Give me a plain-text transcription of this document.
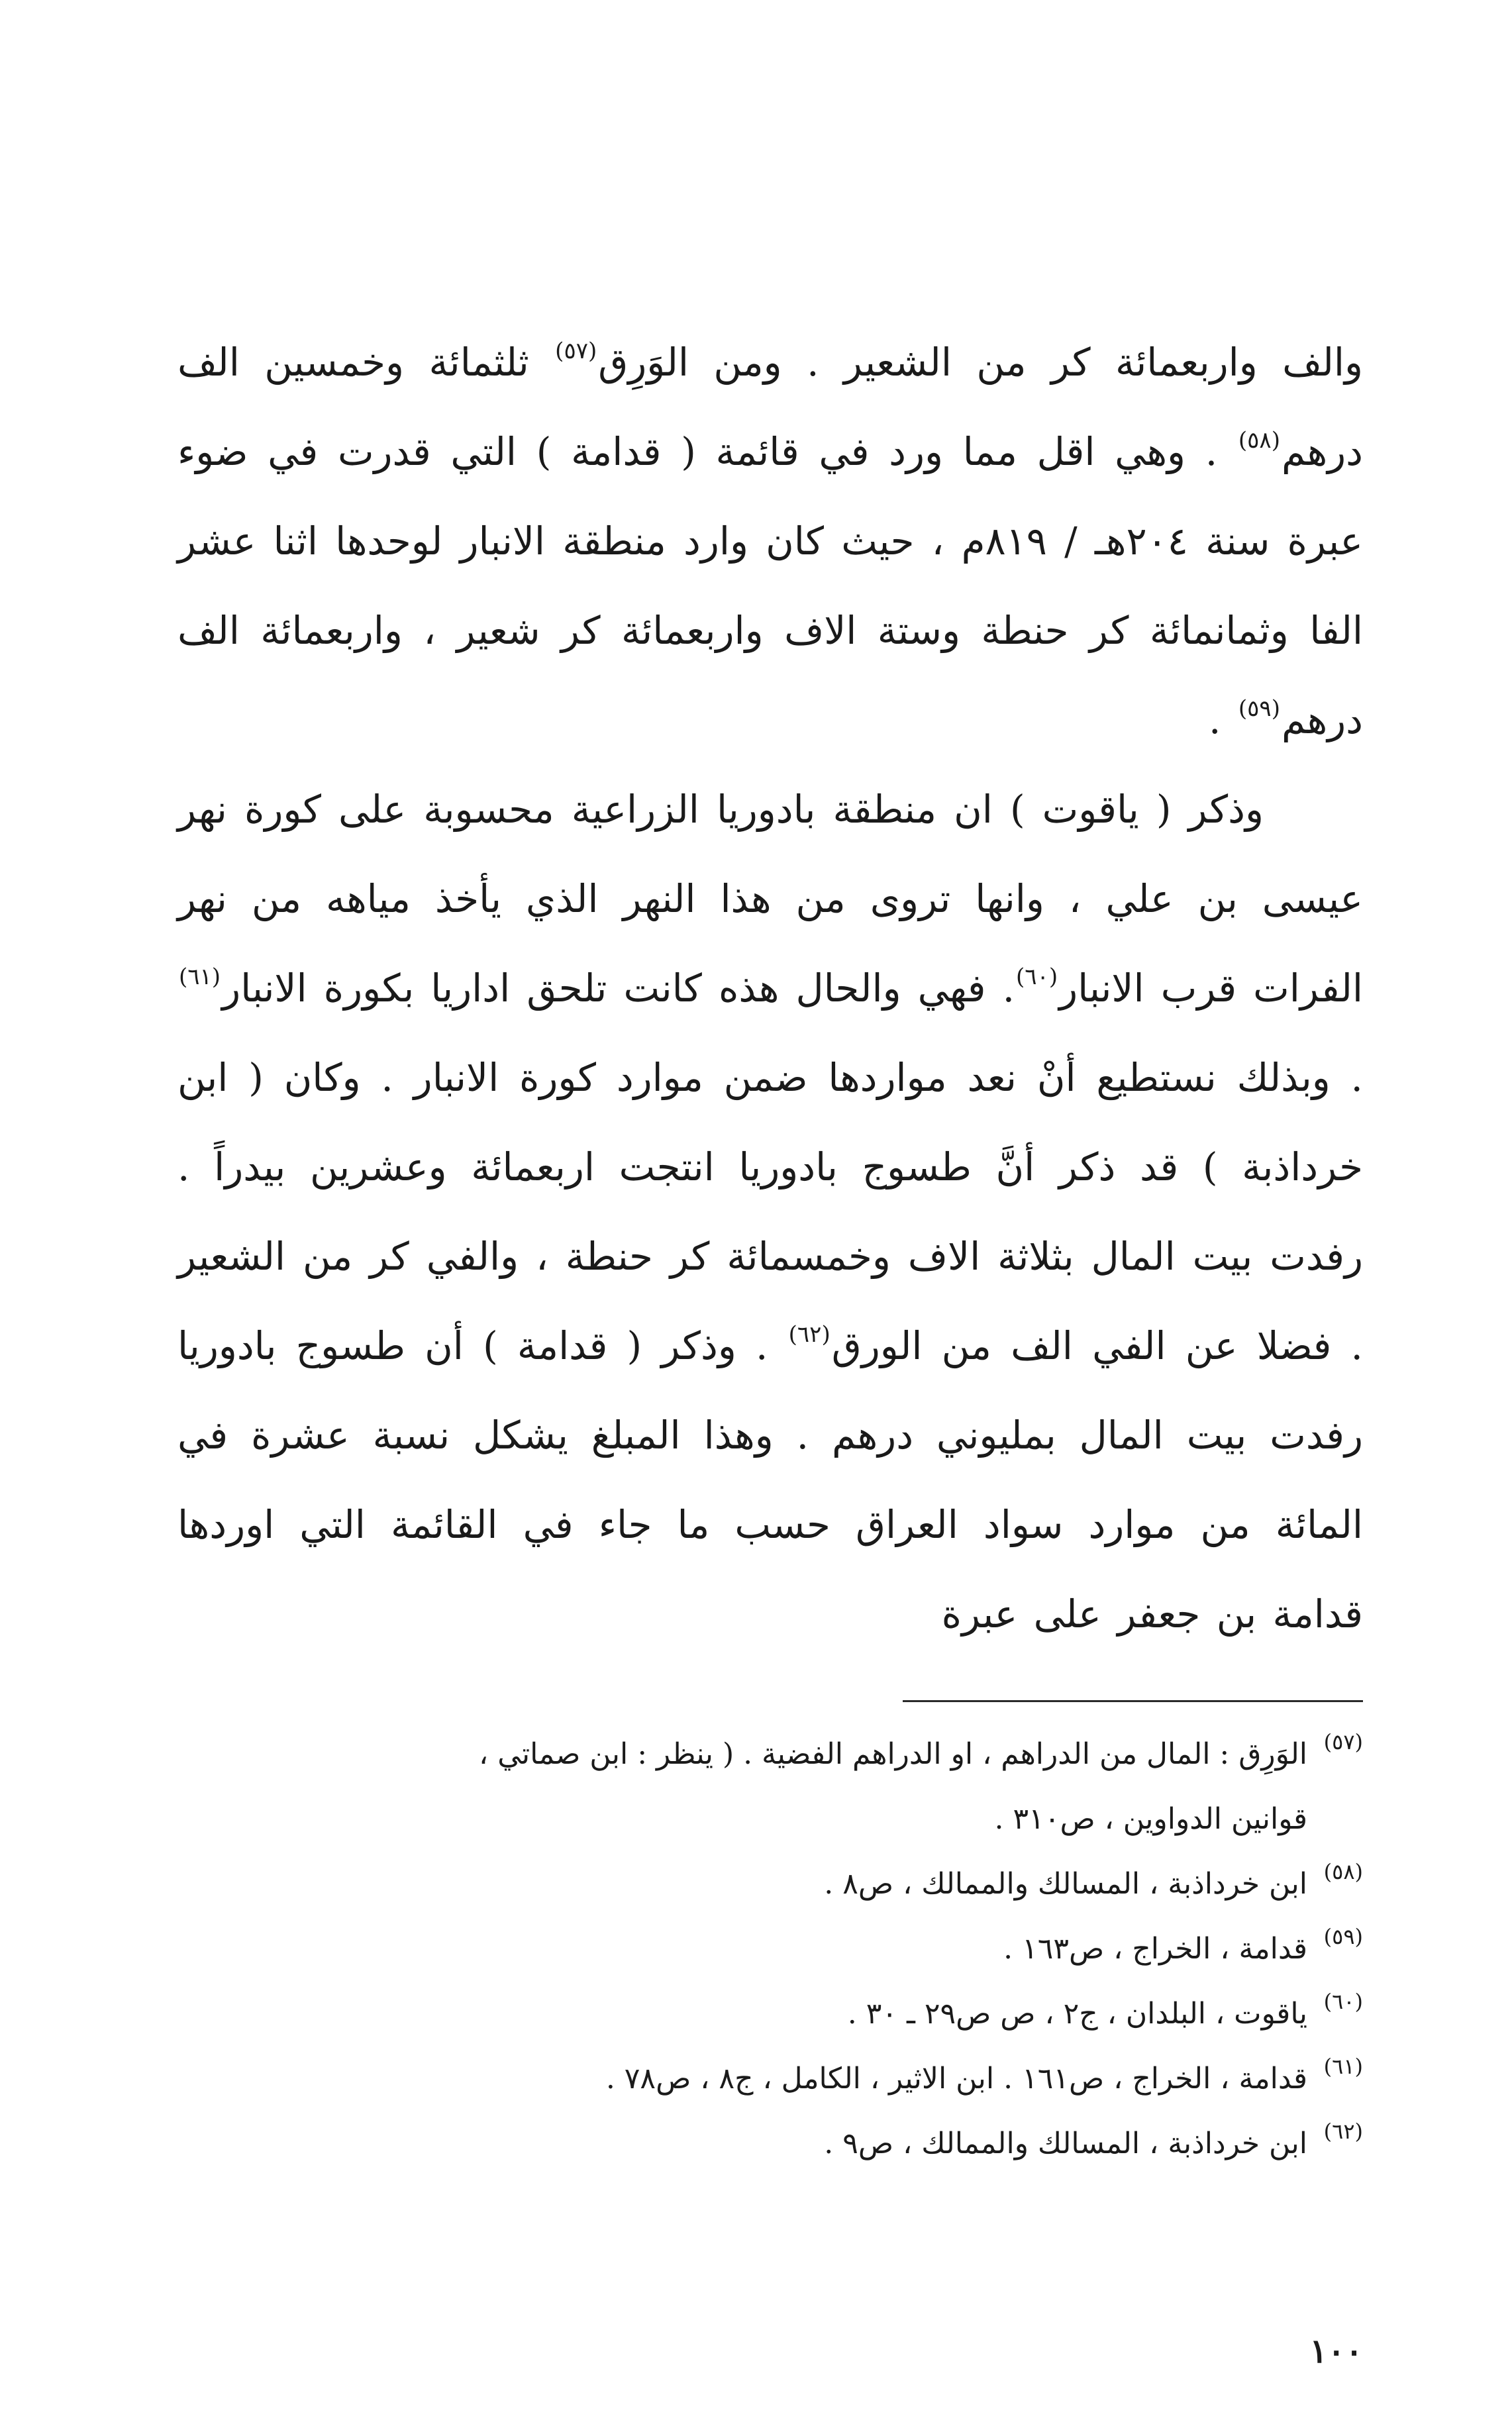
والف واربعمائة كر من الشعير . ومن الوَرِق$^{(٥٧)}$ ثلثمائة وخمسين الف درهم$^{(٥٨)}$ . وهي اقل مما ورد في قائمة ( قدامة ) التي قدرت في ضوء عبرة سنة ٢٠٤هـ / ٨١٩م ، حيث كان وارد منطقة الانبار لوحدها اثنا عشر الفا وثمانمائة كر حنطة وستة الاف واربعمائة كر شعير ، واربعمائة الف درهم$^{(٥٩)}$ .

وذكر ( ياقوت ) ان منطقة بادوريا الزراعية محسوبة على كورة نهر عيسى بن علي ، وانها تروى من هذا النهر الذي يأخذ مياهه من نهر الفرات قرب الانبار$^{(٦٠)}$. فهي والحال هذه كانت تلحق اداريا بكورة الانبار$^{(٦١)}$ . وبذلك نستطيع أنْ نعد مواردها ضمن موارد كورة الانبار . وكان ( ابن خرداذبة ) قد ذكر أنَّ طسوج بادوريا انتجت اربعمائة وعشرين بيدراً . رفدت بيت المال بثلاثة الاف وخمسمائة كر حنطة ، والفي كر من الشعير . فضلا عن الفي الف من الورق$^{(٦٢)}$ . وذكر ( قدامة ) أن طسوج بادوريا رفدت بيت المال بمليوني درهم . وهذا المبلغ يشكل نسبة عشرة في المائة من موارد سواد العراق حسب ما جاء في القائمة التي اوردها قدامة بن جعفر على عبرة

(٥٧)
الوَرِق : المال من الدراهم ، او الدراهم الفضية . ( ينظر : ابن صماتي ،
قوانين الدواوين ، ص٣١٠ .
(٥٨)
ابن خرداذبة ، المسالك والممالك ، ص٨ .
(٥٩)
قدامة ، الخراج ، ص١٦٣ .
(٦٠)
ياقوت ، البلدان ، ج٢ ، ص ص٢٩ ـ ٣٠ .
(٦١)
قدامة ، الخراج ، ص١٦١ . ابن الاثير ، الكامل ، ج٨ ، ص٧٨ .
(٦٢)
ابن خرداذبة ، المسالك والممالك ، ص٩ .
١٠٠
